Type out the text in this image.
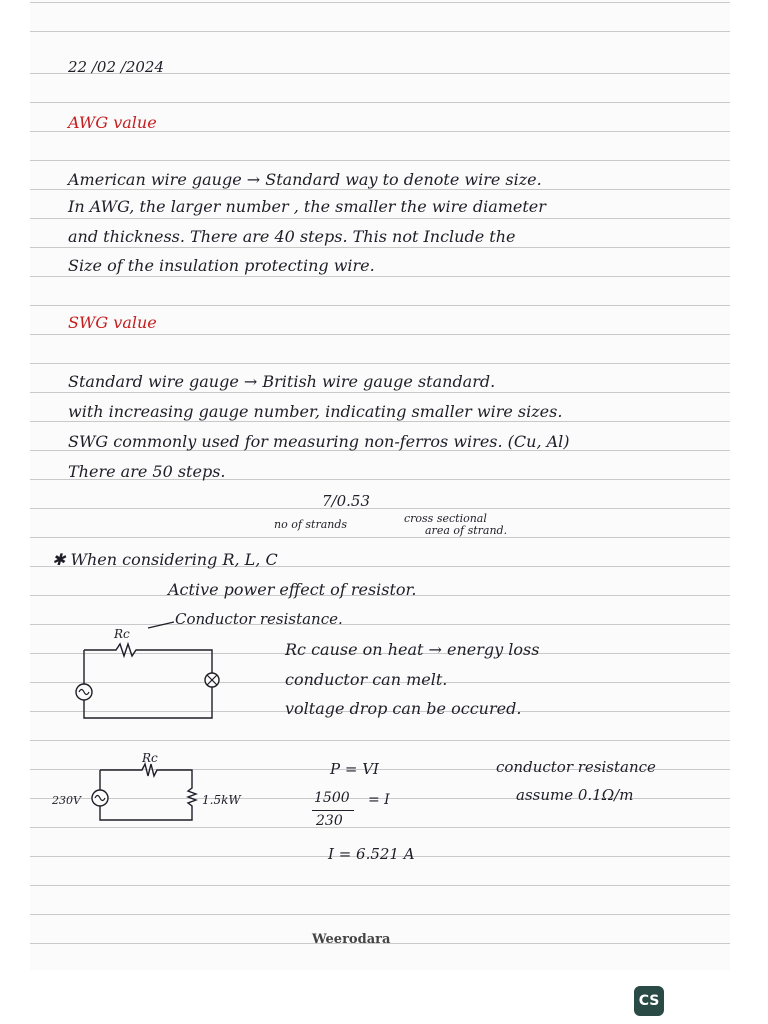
22 /02 /2024
AWG value
American wire gauge → Standard way to denote wire size.
In AWG, the larger number , the smaller the wire diameter
and thickness. There are 40 steps. This not Include the
Size of the insulation protecting wire.
SWG value
Standard wire gauge → British wire gauge standard.
with increasing gauge number, indicating smaller wire sizes.
SWG commonly used for measuring non-ferros wires. (Cu, Al)
There are 50 steps.
7/0.53
no of strands	cross sectional
area of strand.
✱ When considering R, L, C
Active power effect of resistor.
Conductor resistance.
Rc cause on heat → energy loss
conductor can melt.
voltage drop can be occured.
Rc
Rc
230V	1.5kW
P = VI
1500 = I
230
I = 6.521 A
conductor resistance
assume 0.1Ω/m
Weerodara
CS
